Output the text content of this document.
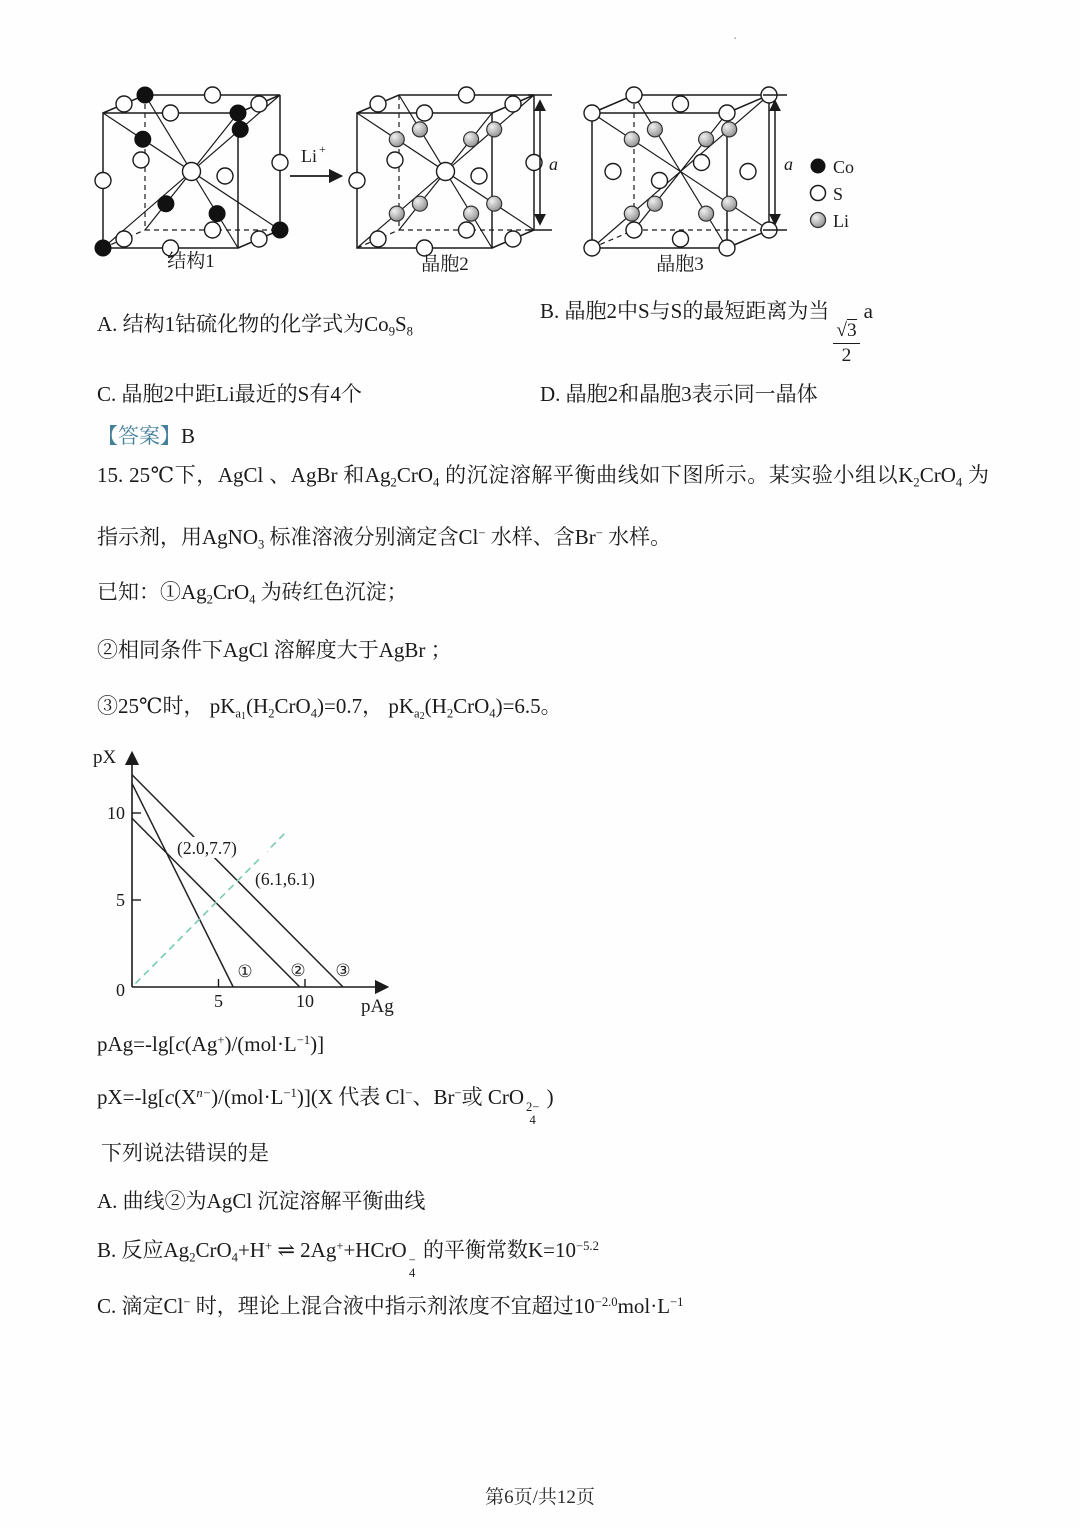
·
Li +
a	a Co
S
Li
结构1	晶胞2	晶胞3
A. 结构1钴硫化物的化学式为$Co_9S_8$
B. 晶胞2中S与S的最短距离为当
$\frac{√3}{2}$
a
C. 晶胞2中距Li最近的S有4个	D. 晶胞2和晶胞3表示同一晶体
【答案】B
15. 25℃下，AgCl 、AgBr 和$Ag_2CrO_4$ 的沉淀溶解平衡曲线如下图所示。某实验小组以$K_2CrO_4$ 为指示剂，用AgNO$_3$ 标准溶液分别滴定含Cl− 水样、含Br− 水样。
已知：$①Ag_2CrO_4$ 为砖红色沉淀；
②相同条件下AgCl 溶解度大于AgBr ；
③25℃时， $pK_{a1}(H_2CrO_4)=0.7$， $pK_{a2}(H_2CrO_4)=6.5$。
5	10
5
10
0
pX
pAg
(2.0,7.7)
(6.1,6.1)
① ② ③
$pAg=-\lg[c(Ag^+)/(mol\cdot L^{-1})]$
$pX=-\lg[c(X^{n-})/(mol\cdot L^{-1})](X$ 代表 Cl−、Br−或 CrO 2−
4
)
下列说法错误的是
A. 曲线②为AgCl 沉淀溶解平衡曲线
B. 反应$Ag_2CrO_4+H^+$ ⇌ 2Ag++HCrO −
4
的平衡常数$K=10^{-5.2}$
C. 滴定Cl− 时，理论上混合液中指示剂浓度不宜超过$10^{-2.0}mol\cdot L^{-1}$
第6页/共12页
